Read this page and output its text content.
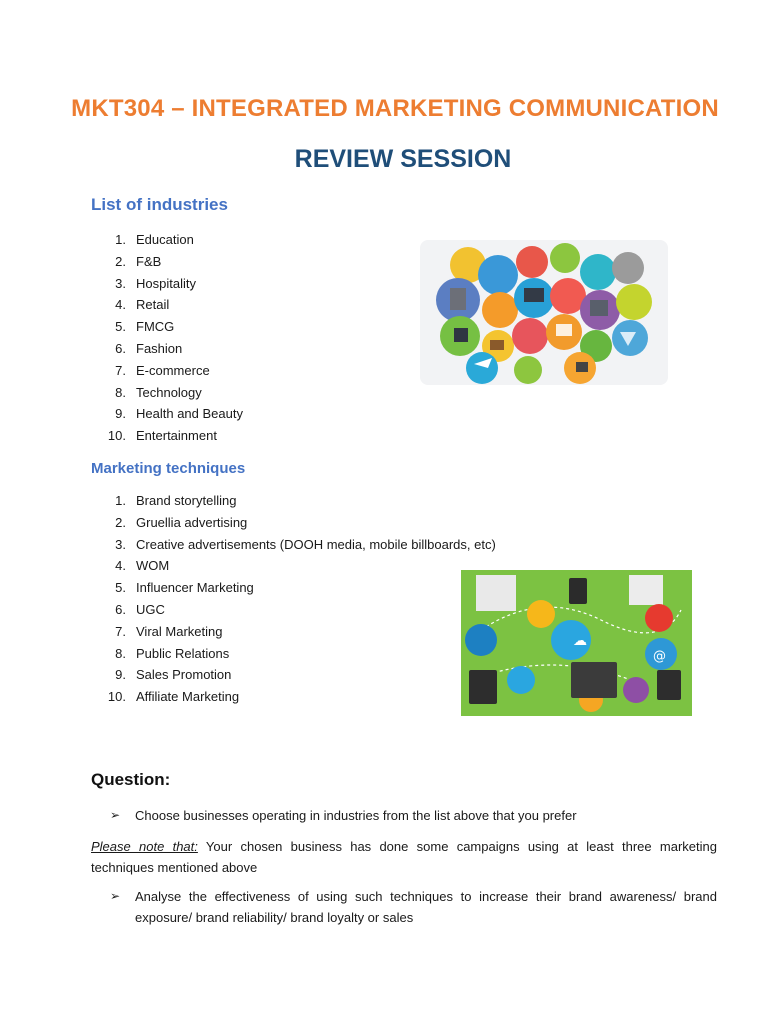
MKT304 – INTEGRATED MARKETING COMMUNICATION
REVIEW SESSION
List of industries
1. Education
2. F&B
3. Hospitality
4. Retail
5. FMCG
6. Fashion
7. E-commerce
8. Technology
9. Health and Beauty
10. Entertainment
Marketing techniques
1. Brand storytelling
2. Gruellia advertising
3. Creative advertisements (DOOH media, mobile billboards, etc)
4. WOM
5. Influencer Marketing
6. UGC
7. Viral Marketing
8. Public Relations
9. Sales Promotion
10. Affiliate Marketing
☁
@
Question:
➢	Choose businesses operating in industries from the list above that you prefer
Please note that: Your chosen business has done some campaigns using at least three marketing techniques mentioned above
➢	Analyse the effectiveness of using such techniques to increase their brand awareness/ brand exposure/ brand reliability/ brand loyalty or sales
